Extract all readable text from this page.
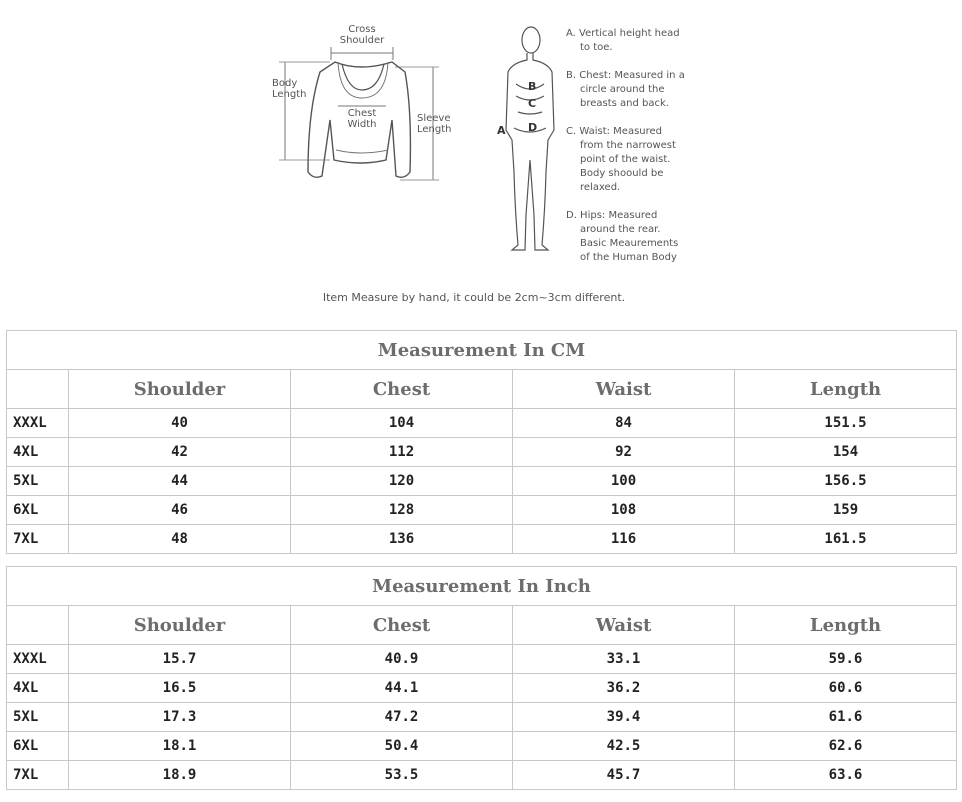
Cross
Shoulder
Body
Length
Chest
Width
Sleeve
Length	A
B
C
D
A. Vertical height head
to toe.
B. Chest: Measured in a
circle around the
breasts and back.
C. Waist: Measured
from the narrowest
point of the waist.
Body shoould be
relaxed.
D. Hips: Measured
around the rear.
Basic Meaurements
of the Human Body
Item Measure by hand, it could be 2cm~3cm different.
Measurement In CM				
	Shoulder	Chest	Waist	Length
XXXL	40	104	84	151.5
4XL	42	112	92	154
5XL	44	120	100	156.5
6XL	46	128	108	159
7XL	48	136	116	161.5
Measurement In Inch				
	Shoulder	Chest	Waist	Length
XXXL	15.7	40.9	33.1	59.6
4XL	16.5	44.1	36.2	60.6
5XL	17.3	47.2	39.4	61.6
6XL	18.1	50.4	42.5	62.6
7XL	18.9	53.5	45.7	63.6
